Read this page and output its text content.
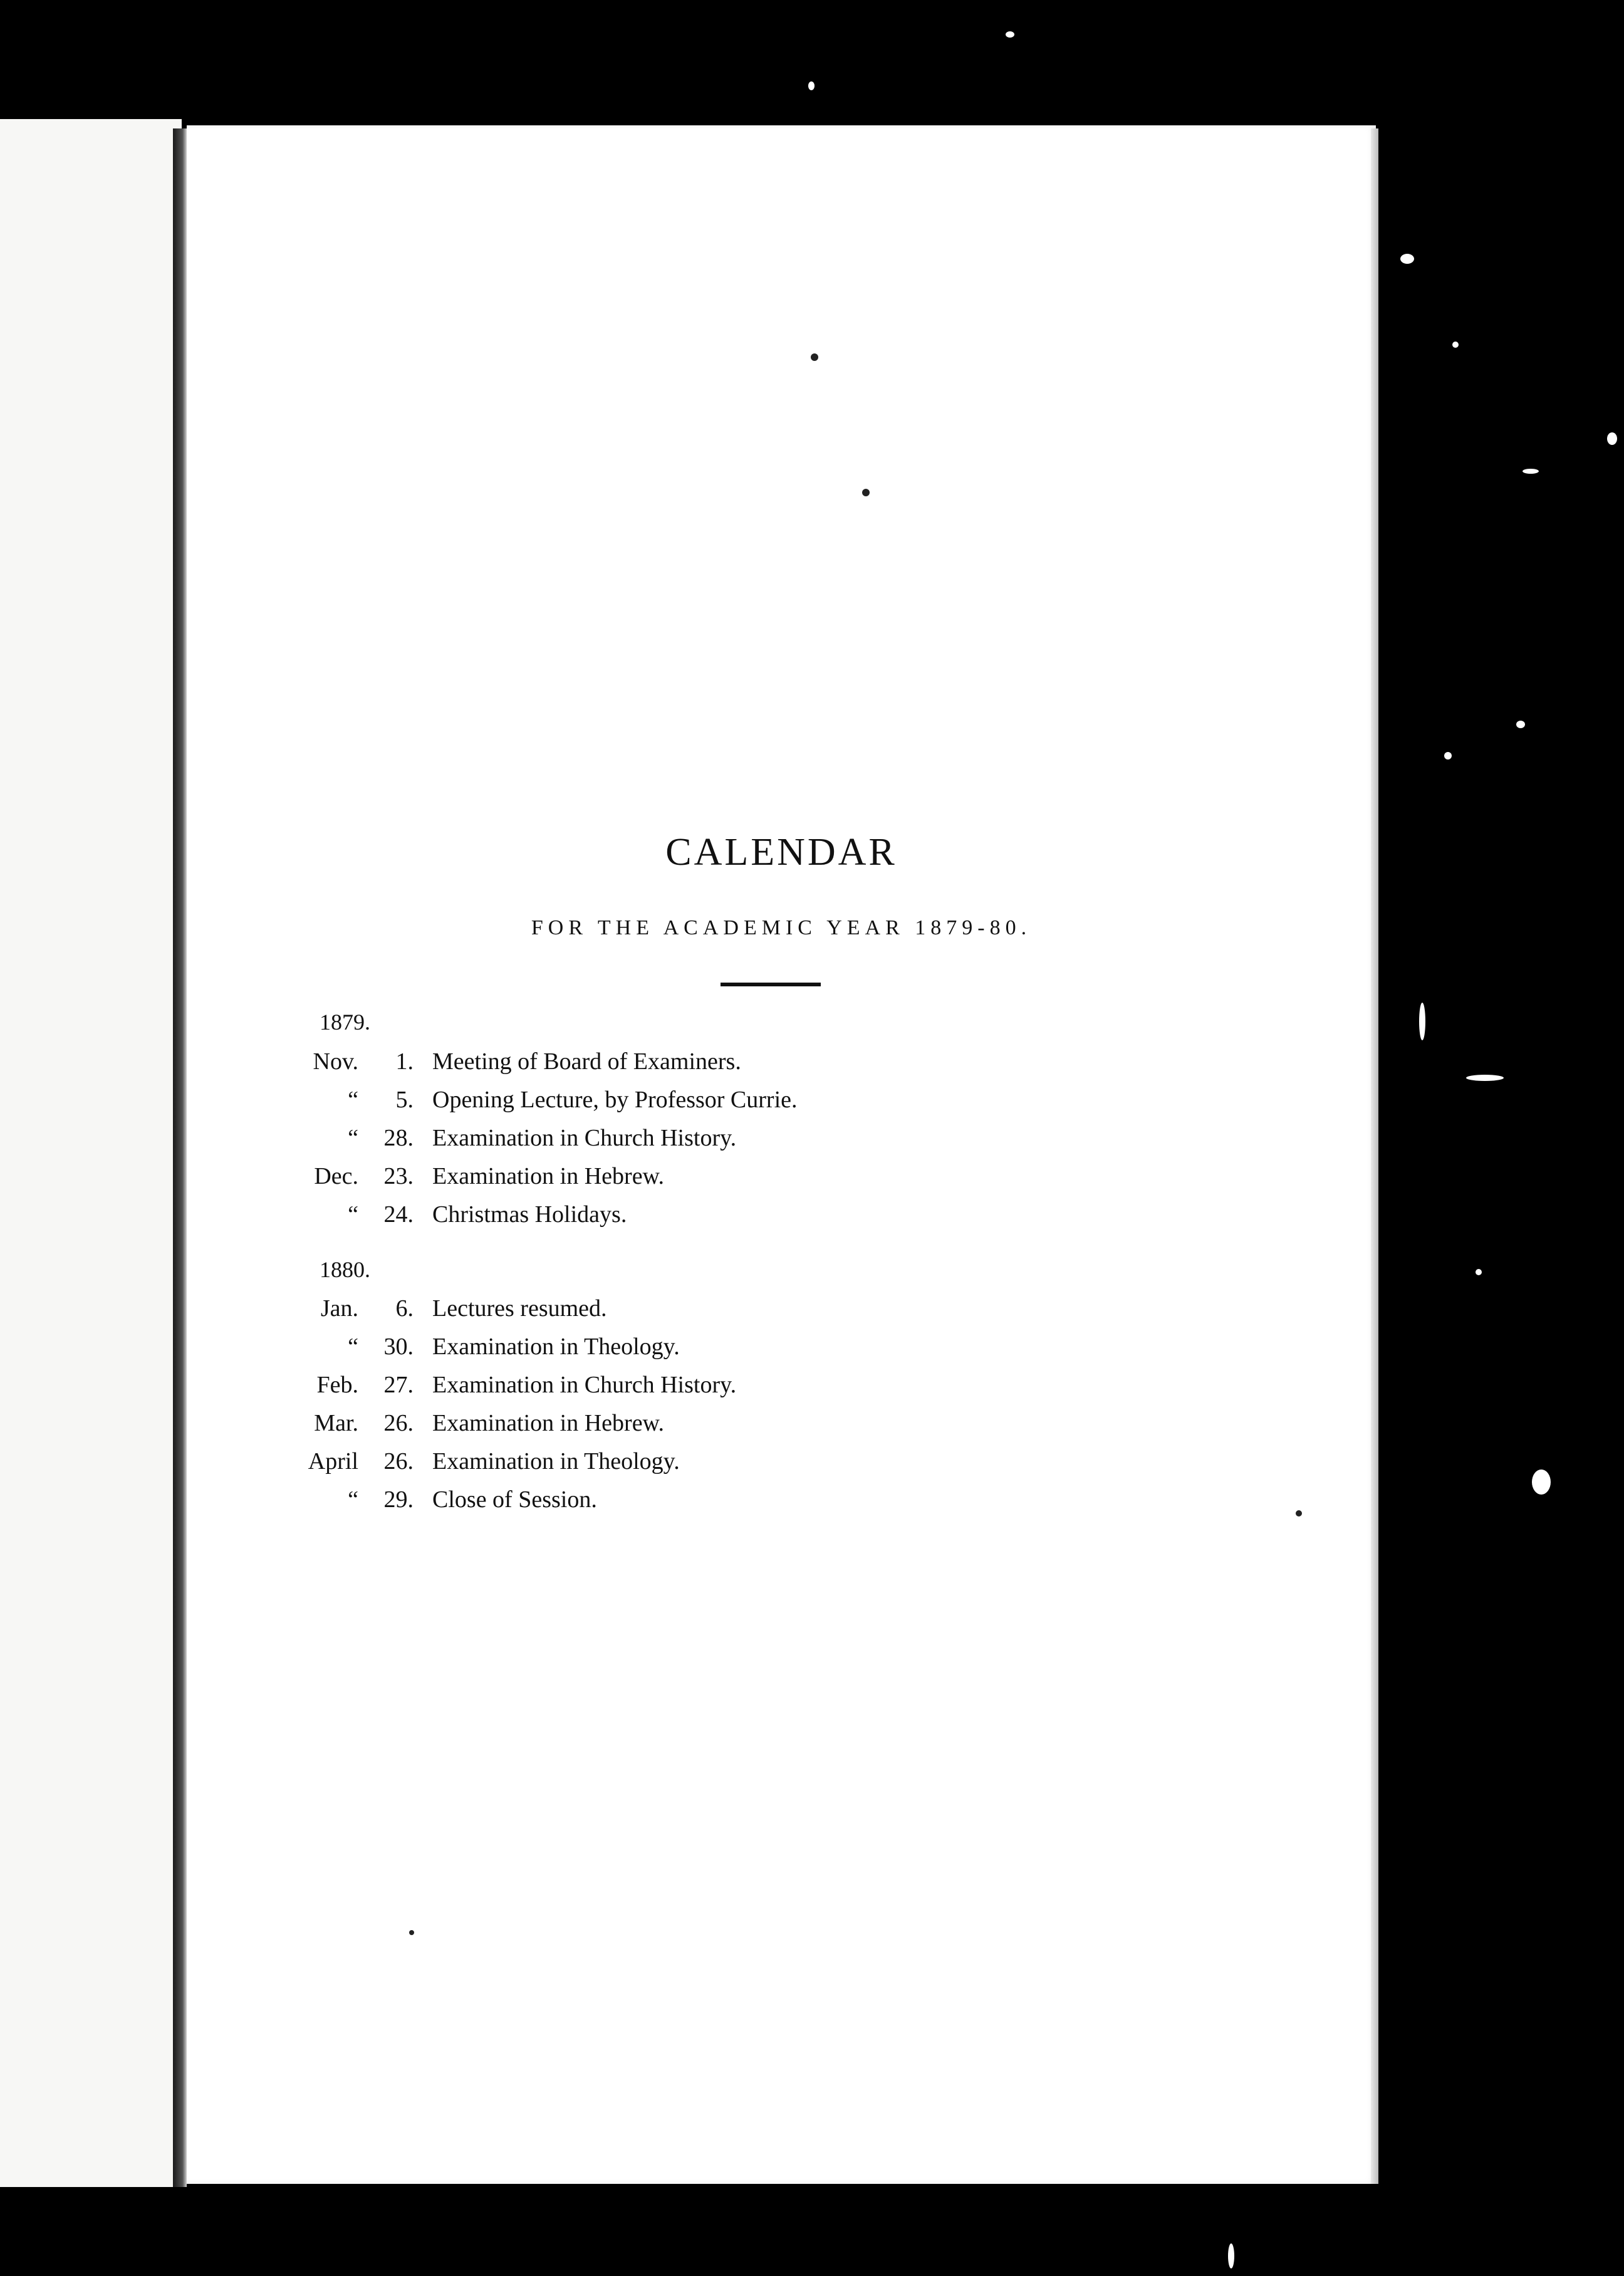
CALENDAR

FOR THE ACADEMIC YEAR 1879-80.

1879.
Nov.	1. Meeting of Board of Examiners.
“	5. Opening Lecture, by Professor Currie.
“	28. Examination in Church History.
Dec.	23. Examination in Hebrew.
“	24. Christmas Holidays.
1880.
Jan.	6. Lectures resumed.
“	30. Examination in Theology.
Feb.	27. Examination in Church History.
Mar.	26. Examination in Hebrew.
April	26. Examination in Theology.
“	29. Close of Session.
